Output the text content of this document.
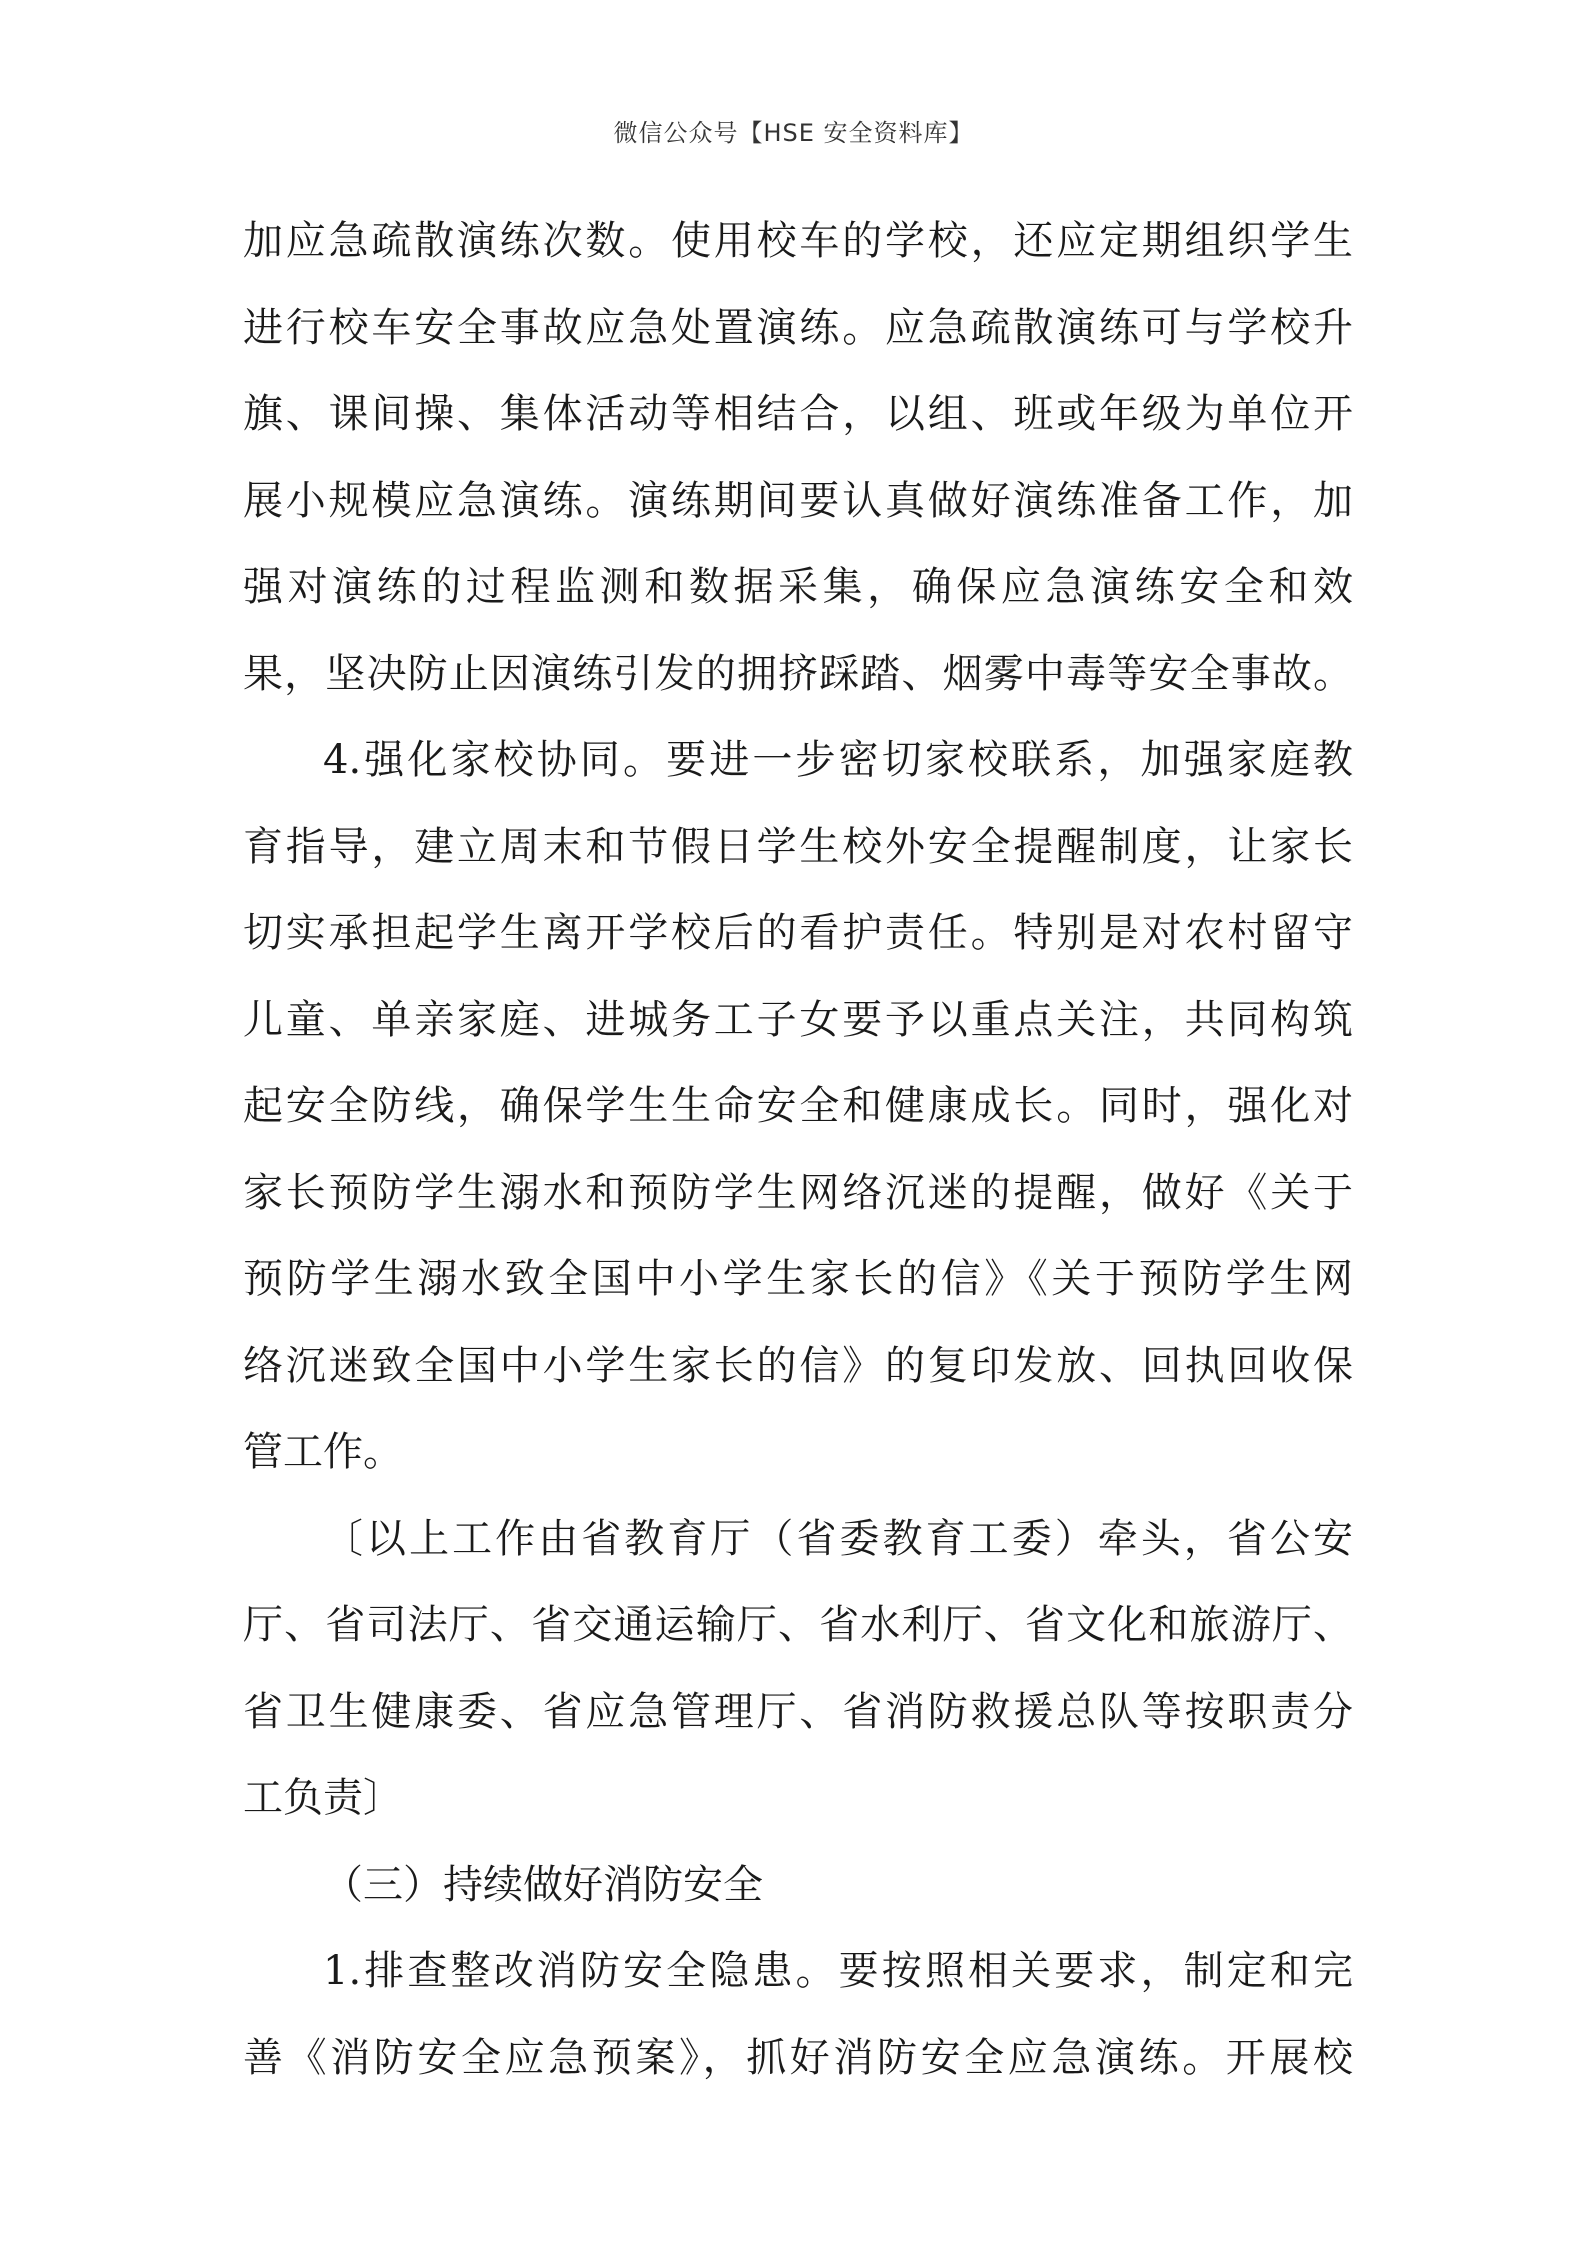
微信公众号【HSE 安全资料库】
加应急疏散演练次数。使用校车的学校，还应定期组织学生
进行校车安全事故应急处置演练。应急疏散演练可与学校升
旗、课间操、集体活动等相结合，以组、班或年级为单位开
展小规模应急演练。演练期间要认真做好演练准备工作，加
强对演练的过程监测和数据采集，确保应急演练安全和效
果，坚决防止因演练引发的拥挤踩踏、烟雾中毒等安全事故。
4.强化家校协同。要进一步密切家校联系，加强家庭教
育指导，建立周末和节假日学生校外安全提醒制度，让家长
切实承担起学生离开学校后的看护责任。特别是对农村留守
儿童、单亲家庭、进城务工子女要予以重点关注，共同构筑
起安全防线，确保学生生命安全和健康成长。同时，强化对
家长预防学生溺水和预防学生网络沉迷的提醒，做好《关于
预防学生溺水致全国中小学生家长的信》《关于预防学生网
络沉迷致全国中小学生家长的信》的复印发放、回执回收保
管工作。
〔以上工作由省教育厅（省委教育工委）牵头，省公安
厅、省司法厅、省交通运输厅、省水利厅、省文化和旅游厅、
省卫生健康委、省应急管理厅、省消防救援总队等按职责分
工负责〕
（三）持续做好消防安全
1.排查整改消防安全隐患。要按照相关要求，制定和完
善《消防安全应急预案》，抓好消防安全应急演练。开展校
